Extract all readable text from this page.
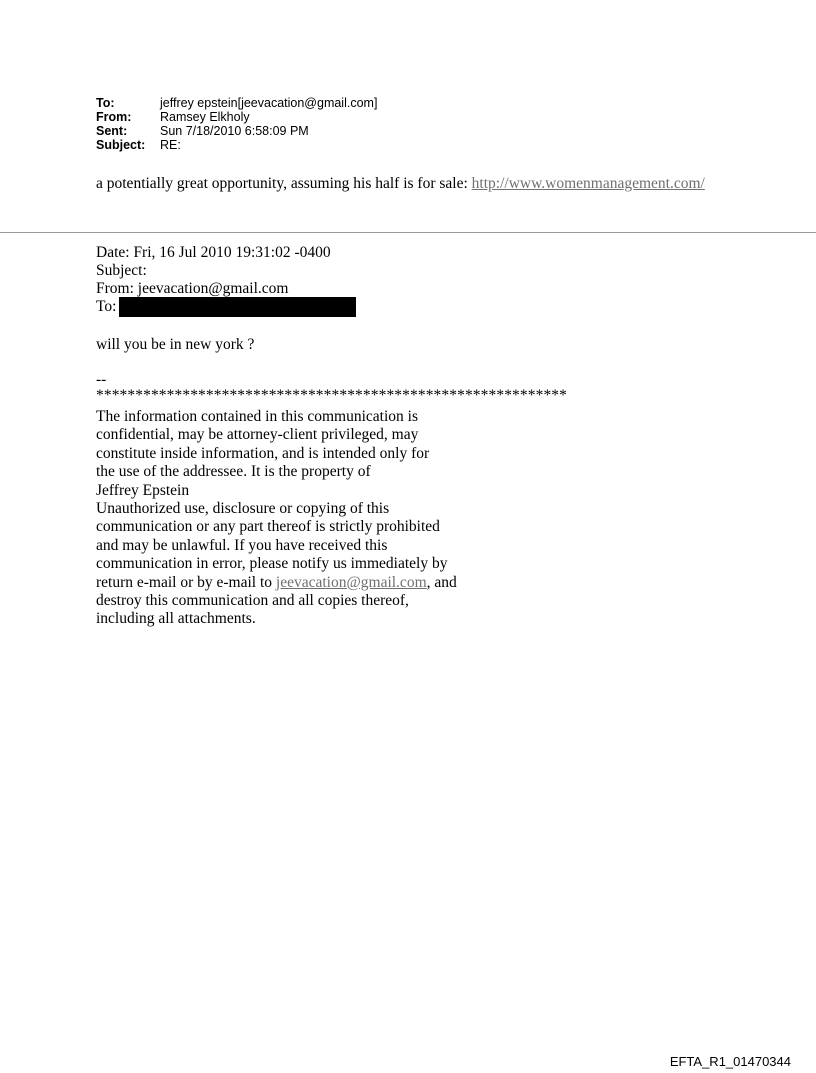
To:	jeffrey epstein[jeevacation@gmail.com]
From:	Ramsey Elkholy
Sent:	Sun 7/18/2010 6:58:09 PM
Subject:	RE:
a potentially great opportunity, assuming his half is for sale: http://www.womenmanagement.com/
Date: Fri, 16 Jul 2010 19:31:02 -0400
Subject:
From: jeevacation@gmail.com
To:
will you be in new york ?
--
************************************************************
The information contained in this communication is
confidential, may be attorney-client privileged, may
constitute inside information, and is intended only for
the use of the addressee. It is the property of
Jeffrey Epstein
Unauthorized use, disclosure or copying of this
communication or any part thereof is strictly prohibited
and may be unlawful. If you have received this
communication in error, please notify us immediately by
return e-mail or by e-mail to jeevacation@gmail.com, and
destroy this communication and all copies thereof,
including all attachments.
EFTA_R1_01470344
